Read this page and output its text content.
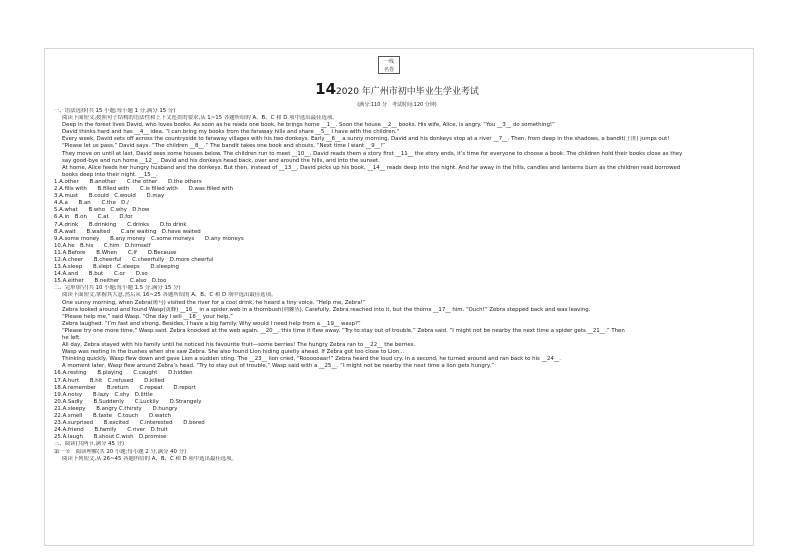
一线
名卷
142020 年广州市初中毕业生学业考试
(满分:110 分　考试时间:120 分钟)

一、语法选择(共 15 小题;每小题 1 分,满分 15 分)

阅读下面短文,按照句子结构的语法性和上下文连贯的要求,从 1~15 各题所给的 A、B、C 和 D 项中选出最佳选项。

Deep in the forest lives David, who loves books. As soon as he reads one book, he brings home __1__. Soon the house __2__ books. His wife, Alice, is angry. “You __3__ do something!”

David thinks hard and has __4__ idea. “I can bring my books from the faraway hills and share __5__ I have with the children.”

Every week, David sets off across the countryside to faraway villages with his two donkeys. Early __6__ a sunny morning, David and his donkeys stop at a river __7__. Then, from deep in the shadows, a bandit(土匪) jumps out!

“Please let us pass,” David says. “The children __8__.” The bandit takes one book and shouts, “Next time I want __9__!”

They move on until at last, David sees some houses below. The children run to meet __10__. David reads them a story first __11__ the story ends, it’s time for everyone to choose a book. The children hold their books close as they

say good-bye and run home __12__. David and his donkeys head back, over and around the hills, and into the sunset.

At home, Alice feeds her hungry husband and the donkeys. But then, instead of __13__, David picks up his book, __14__ reads deep into the night. And far away in the hills, candles and lanterns burn as the children read borrowed

books deep into their night. __15__.

1.A.other　　B.another　　C.the other　　D.the others

2.A.fills with　　B.filled with　　C.is filled with　　D.was filled with

3.A.must　　B.could　C.would　　D.may

4.A.a　　B.an　　C.the　D./

5.A.what　　B.who　C.why　D.how

6.A.in　B.on　　C.at　　D.for

7.A.drink　　B.drinking　　C.drinks　　D.to drink

8.A.wait　　B.waited　　C.are waiting　D.have waited

9.A.some money　　B.any money　C.some moneys　　D.any moneys

10.A.he　B.his　　C.him　D.himself

11.A.Before　　B.When　　C.If　　D.Because

12.A.cheer　　B.cheerful　　C.cheerfully　D.more cheerful

13.A.sleep　　B.slept　C.sleeps　　D.sleeping

14.A.and　　B.but　　C.or　　D.so

15.A.either　　B.neither　　C.also　D.too

二、完形填空(共 10 小题;每小题 1.5 分,满分 15 分)

阅读下面短文,掌握其大意,然后从 16~25 各题所给的 A、B、C 和 D 项中选出最佳选项。

One sunny morning, when Zebra(斑马) visited the river for a cool drink, he heard a tiny voice. “Help me, Zebra!”

Zebra looked around and found Wasp(黄蜂) __16__ in a spider web in a thornbush(荆棘丛). Carefully, Zebra reached into it, but the thorns __17__ him. “Ouch!” Zebra stepped back and was leaving.

“Please help me,” said Wasp. “One day I will __18__ your help.”

Zebra laughed. “I’m fast and strong. Besides, I have a big family. Why would I need help from a __19__ wasp?”

“Please try one more time,” Wasp said. Zebra knocked at the web again. __20__, this time it flew away. “Try to stay out of trouble,” Zebra said. “I might not be nearby the next time a spider gets __21__.” Then

he left.

All day, Zebra stayed with his family until he noticed his favourite fruit—some berries! The hungry Zebra ran to __22__ the berries.

Wasp was resting in the bushes when she saw Zebra. She also found Lion hiding quietly ahead. If Zebra got too close to Lion...

Thinking quickly, Wasp flew down and gave Lion a sudden sting. The __23__ lion cried, “Roooooaar!” Zebra heard the loud cry. In a second, he turned around and ran back to his __24__.

A moment later, Wasp flew around Zebra’s head. “Try to stay out of trouble,” Wasp said with a __25__. “I might not be nearby the next time a lion gets hungry.”

16.A.resting　　B.playing　　C.caught　　D.hidden

17.A.hurt　　B.hit　C.refused　　D.killed

18.A.remember　　B.return　　C.repeat　　D.report

19.A.noisy　　B.lazy　C.shy　D.little

20.A.Sadly　　B.Suddenly　　C.Luckily　　D.Strangely

21.A.sleepy　　B.angry C.thirsty　　D.hungry

22.A.smell　　B.taste　C.touch　　D.watch

23.A.surprised　　B.excited　　C.interested　　D.bored

24.A.friend　　B.family　　C.river　D.fruit

25.A.laugh　　B.shout C.wish　D.promise

三、阅读(共两节,满分 45 分)

第一节　阅读理解(共 20 小题;每小题 2 分,满分 40 分)

阅读下列短文,从 26~45 各题所给的 A、B、C 和 D 项中选出最佳选项。
